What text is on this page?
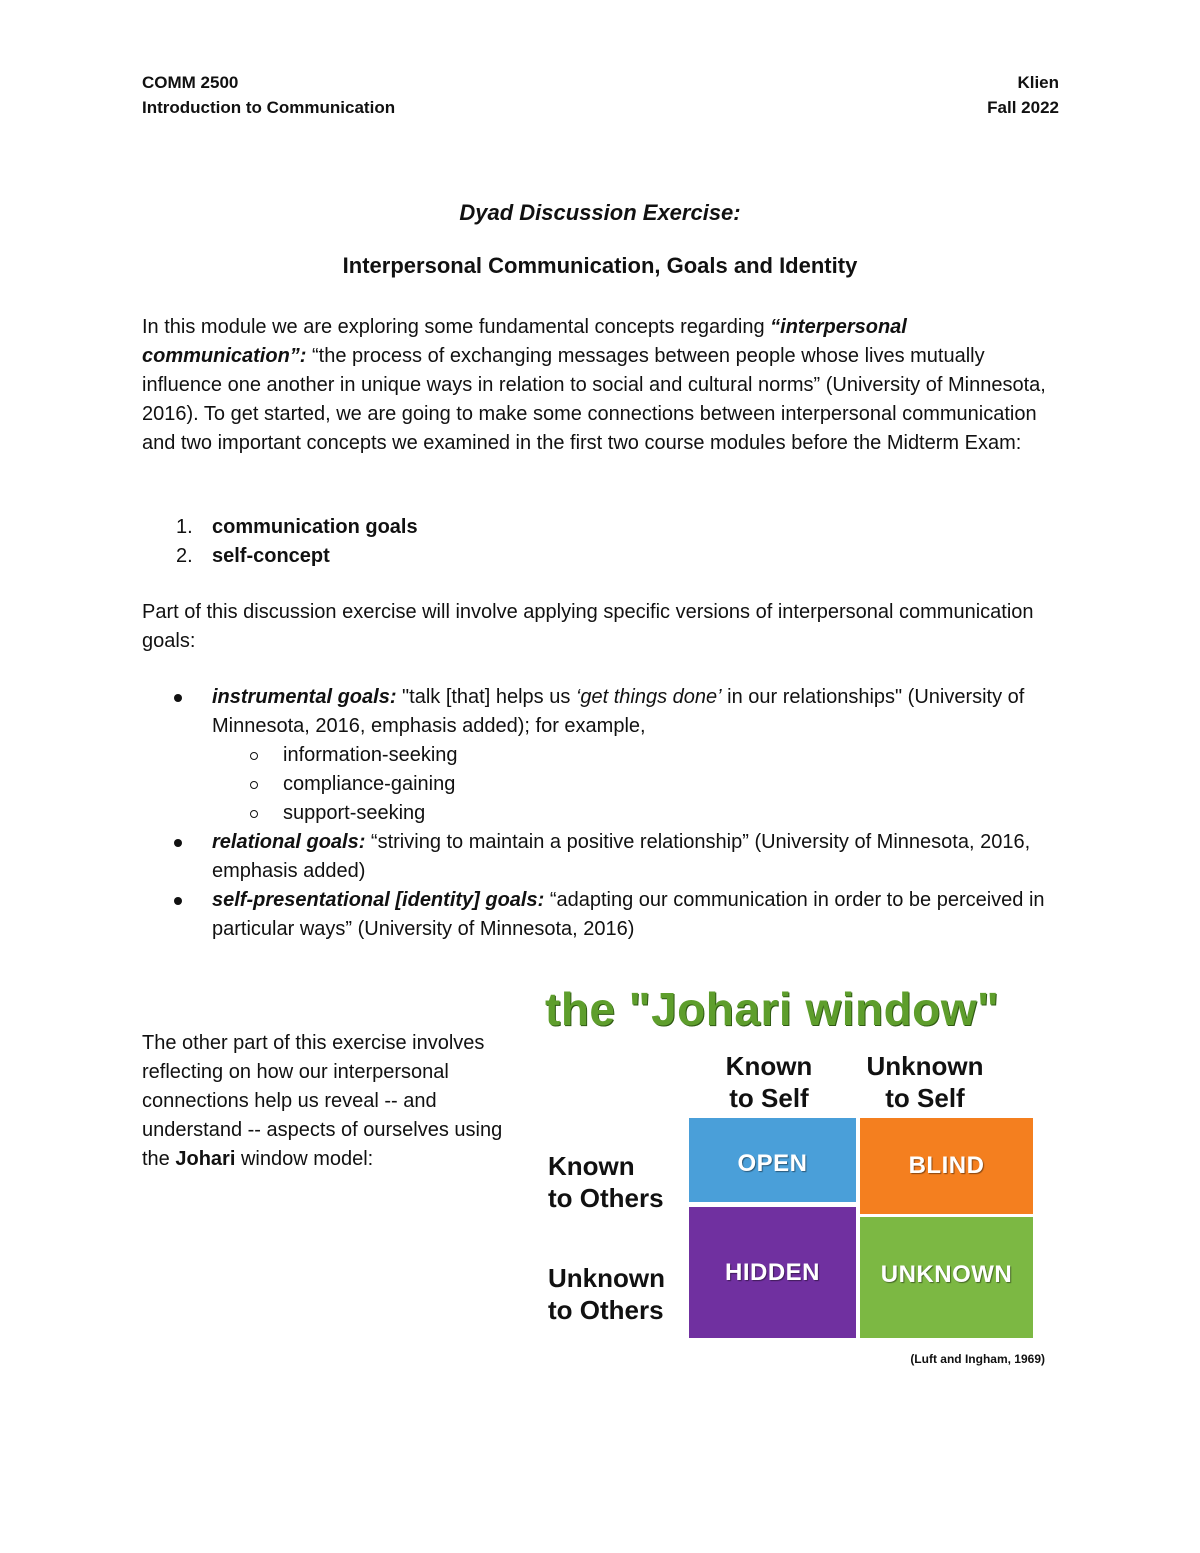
COMM 2500
Introduction to Communication
Klien
Fall 2022
Dyad Discussion Exercise:
Interpersonal Communication, Goals and Identity
In this module we are exploring some fundamental concepts regarding “interpersonal communication”: “the process of exchanging messages between people whose lives mutually influence one another in unique ways in relation to social and cultural norms” (University of Minnesota, 2016). To get started, we are going to make some connections between interpersonal communication and two important concepts we examined in the first two course modules before the Midterm Exam:
1. communication goals
2. self-concept
Part of this discussion exercise will involve applying specific versions of interpersonal communication goals:
instrumental goals: "talk [that] helps us ‘get things done’ in our relationships" (University of Minnesota, 2016, emphasis added); for example,
information-seeking
compliance-gaining
support-seeking
relational goals: “striving to maintain a positive relationship” (University of Minnesota, 2016, emphasis added)
self-presentational [identity] goals: “adapting our communication in order to be perceived in particular ways” (University of Minnesota, 2016)
The other part of this exercise involves reflecting on how our interpersonal connections help us reveal -- and understand -- aspects of ourselves using the Johari window model:
the "Johari window"
Known
to Self
Unknown
to Self
Known
to Others
Unknown
to Others
OPEN	BLIND
HIDDEN	UNKNOWN
(Luft and Ingham, 1969)
